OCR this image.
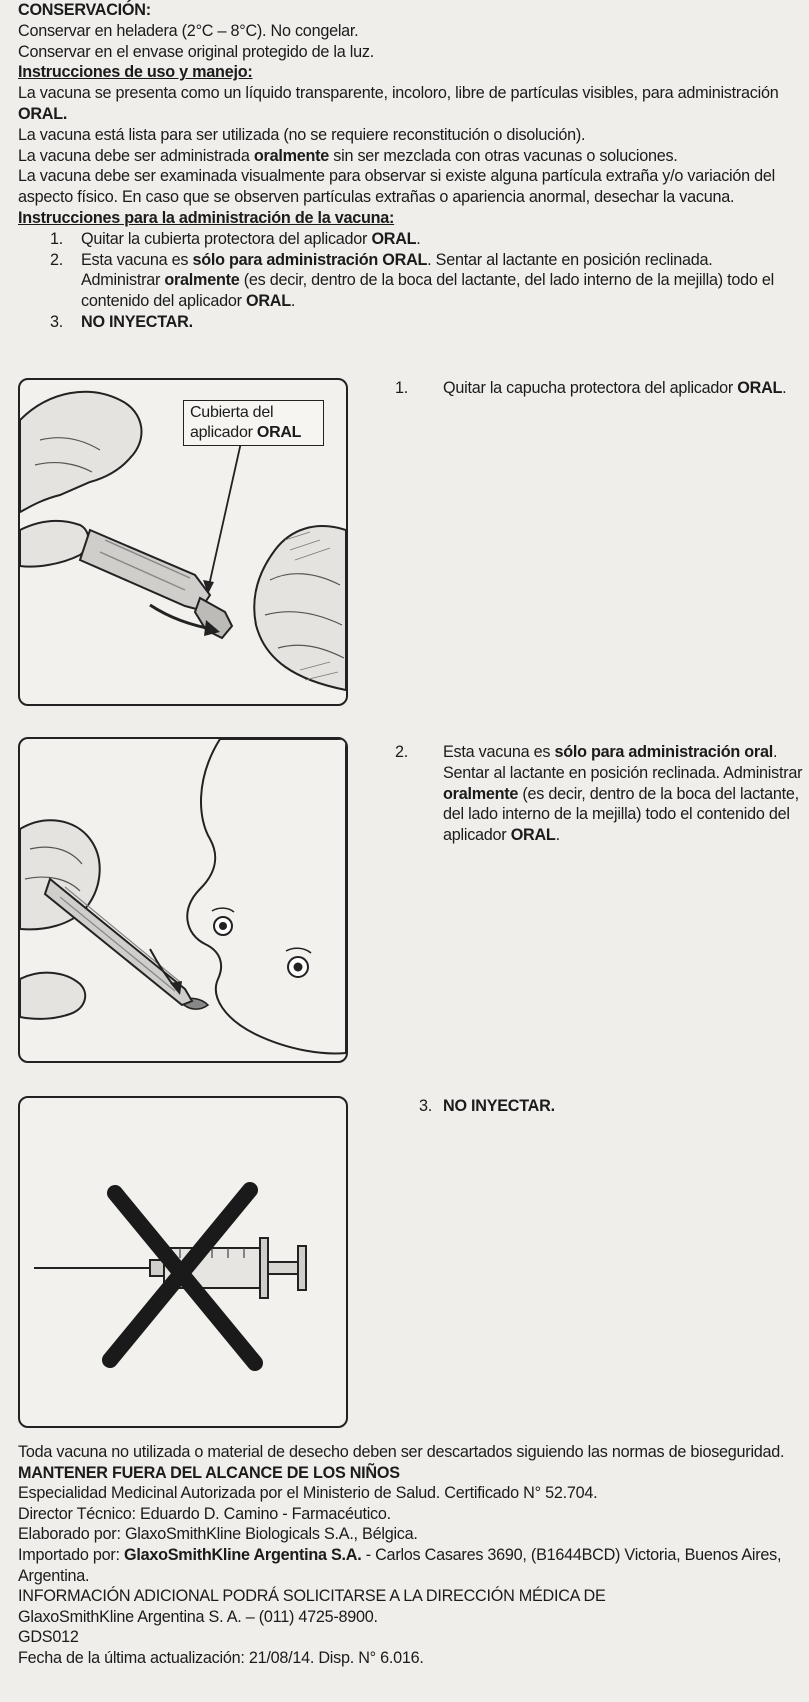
CONSERVACIÓN:

Conservar en heladera (2°C – 8°C). No congelar.

Conservar en el envase original protegido de la luz.

Instrucciones de uso y manejo:

La vacuna se presenta como un líquido transparente, incoloro, libre de partículas visibles, para administración ORAL.

La vacuna está lista para ser utilizada (no se requiere reconstitución o disolución).

La vacuna debe ser administrada oralmente sin ser mezclada con otras vacunas o soluciones.

La vacuna debe ser examinada visualmente para observar si existe alguna partícula extraña y/o variación del aspecto físico. En caso que se observen partículas extrañas o apariencia anormal, desechar la vacuna.

Instrucciones para la administración de la vacuna:

1. Quitar la cubierta protectora del aplicador ORAL.
2. Esta vacuna es sólo para administración ORAL. Sentar al lactante en posición reclinada.
Administrar oralmente (es decir, dentro de la boca del lactante, del lado interno de la mejilla) todo el contenido del aplicador ORAL.
3. NO INYECTAR.
Cubierta del
aplicador ORAL
1. Quitar la capucha protectora del aplicador ORAL.
2. Esta vacuna es sólo para administración oral. Sentar al lactante en posición reclinada. Administrar oralmente (es decir, dentro de la boca del lactante, del lado interno de la mejilla) todo el contenido del aplicador ORAL.
3. NO INYECTAR.

Toda vacuna no utilizada o material de desecho deben ser descartados siguiendo las normas de bioseguridad.

MANTENER FUERA DEL ALCANCE DE LOS NIÑOS

Especialidad Medicinal Autorizada por el Ministerio de Salud. Certificado N° 52.704.

Director Técnico: Eduardo D. Camino - Farmacéutico.

Elaborado por: GlaxoSmithKline Biologicals S.A., Bélgica.

Importado por: GlaxoSmithKline Argentina S.A. - Carlos Casares 3690, (B1644BCD) Victoria, Buenos Aires, Argentina.

INFORMACIÓN ADICIONAL PODRÁ SOLICITARSE A LA DIRECCIÓN MÉDICA DE

GlaxoSmithKline Argentina S. A. – (011) 4725-8900.

GDS012

Fecha de la última actualización: 21/08/14. Disp. N° 6.016.
